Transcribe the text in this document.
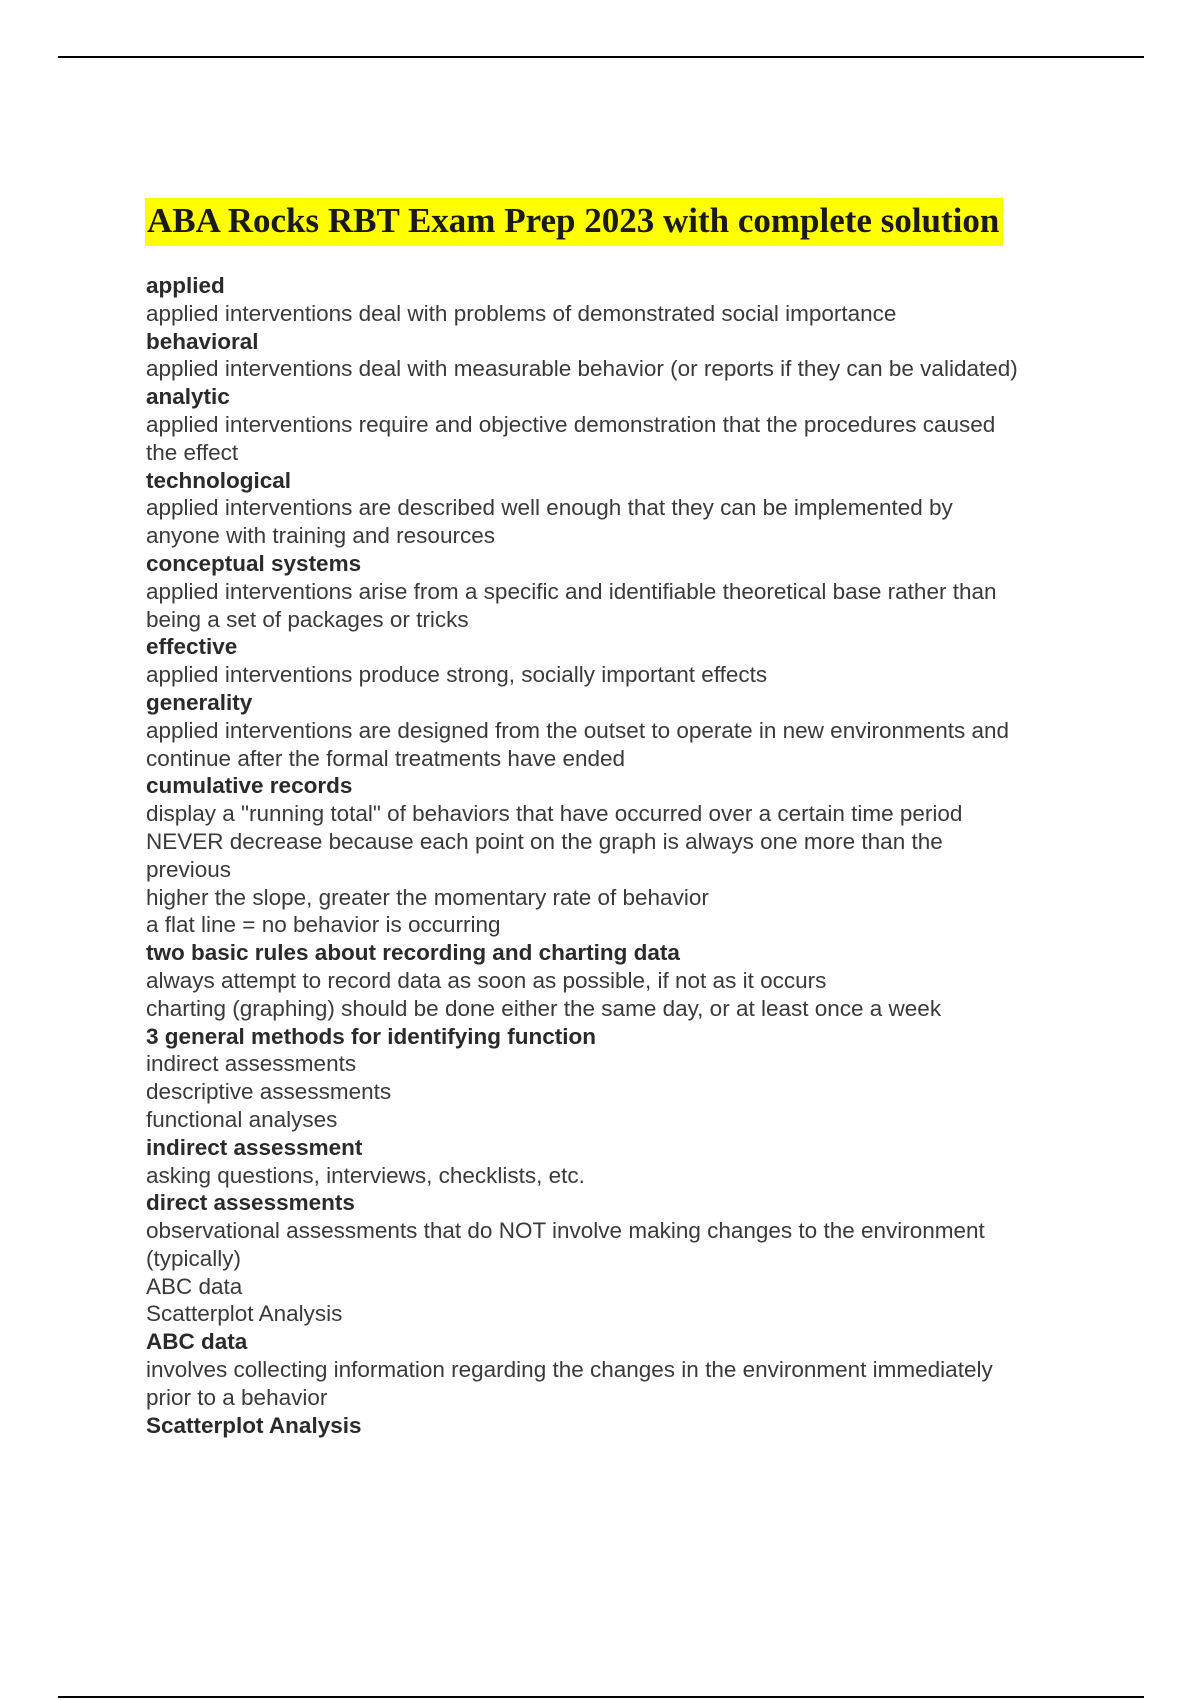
ABA Rocks RBT Exam Prep 2023 with complete solution
applied
applied interventions deal with problems of demonstrated social importance
behavioral
applied interventions deal with measurable behavior (or reports if they can be validated)
analytic
applied interventions require and objective demonstration that the procedures caused
the effect
technological
applied interventions are described well enough that they can be implemented by
anyone with training and resources
conceptual systems
applied interventions arise from a specific and identifiable theoretical base rather than
being a set of packages or tricks
effective
applied interventions produce strong, socially important effects
generality
applied interventions are designed from the outset to operate in new environments and
continue after the formal treatments have ended
cumulative records
display a "running total" of behaviors that have occurred over a certain time period
NEVER decrease because each point on the graph is always one more than the
previous
higher the slope, greater the momentary rate of behavior
a flat line = no behavior is occurring
two basic rules about recording and charting data
always attempt to record data as soon as possible, if not as it occurs
charting (graphing) should be done either the same day, or at least once a week
3 general methods for identifying function
indirect assessments
descriptive assessments
functional analyses
indirect assessment
asking questions, interviews, checklists, etc.
direct assessments
observational assessments that do NOT involve making changes to the environment
(typically)
ABC data
Scatterplot Analysis
ABC data
involves collecting information regarding the changes in the environment immediately
prior to a behavior
Scatterplot Analysis
